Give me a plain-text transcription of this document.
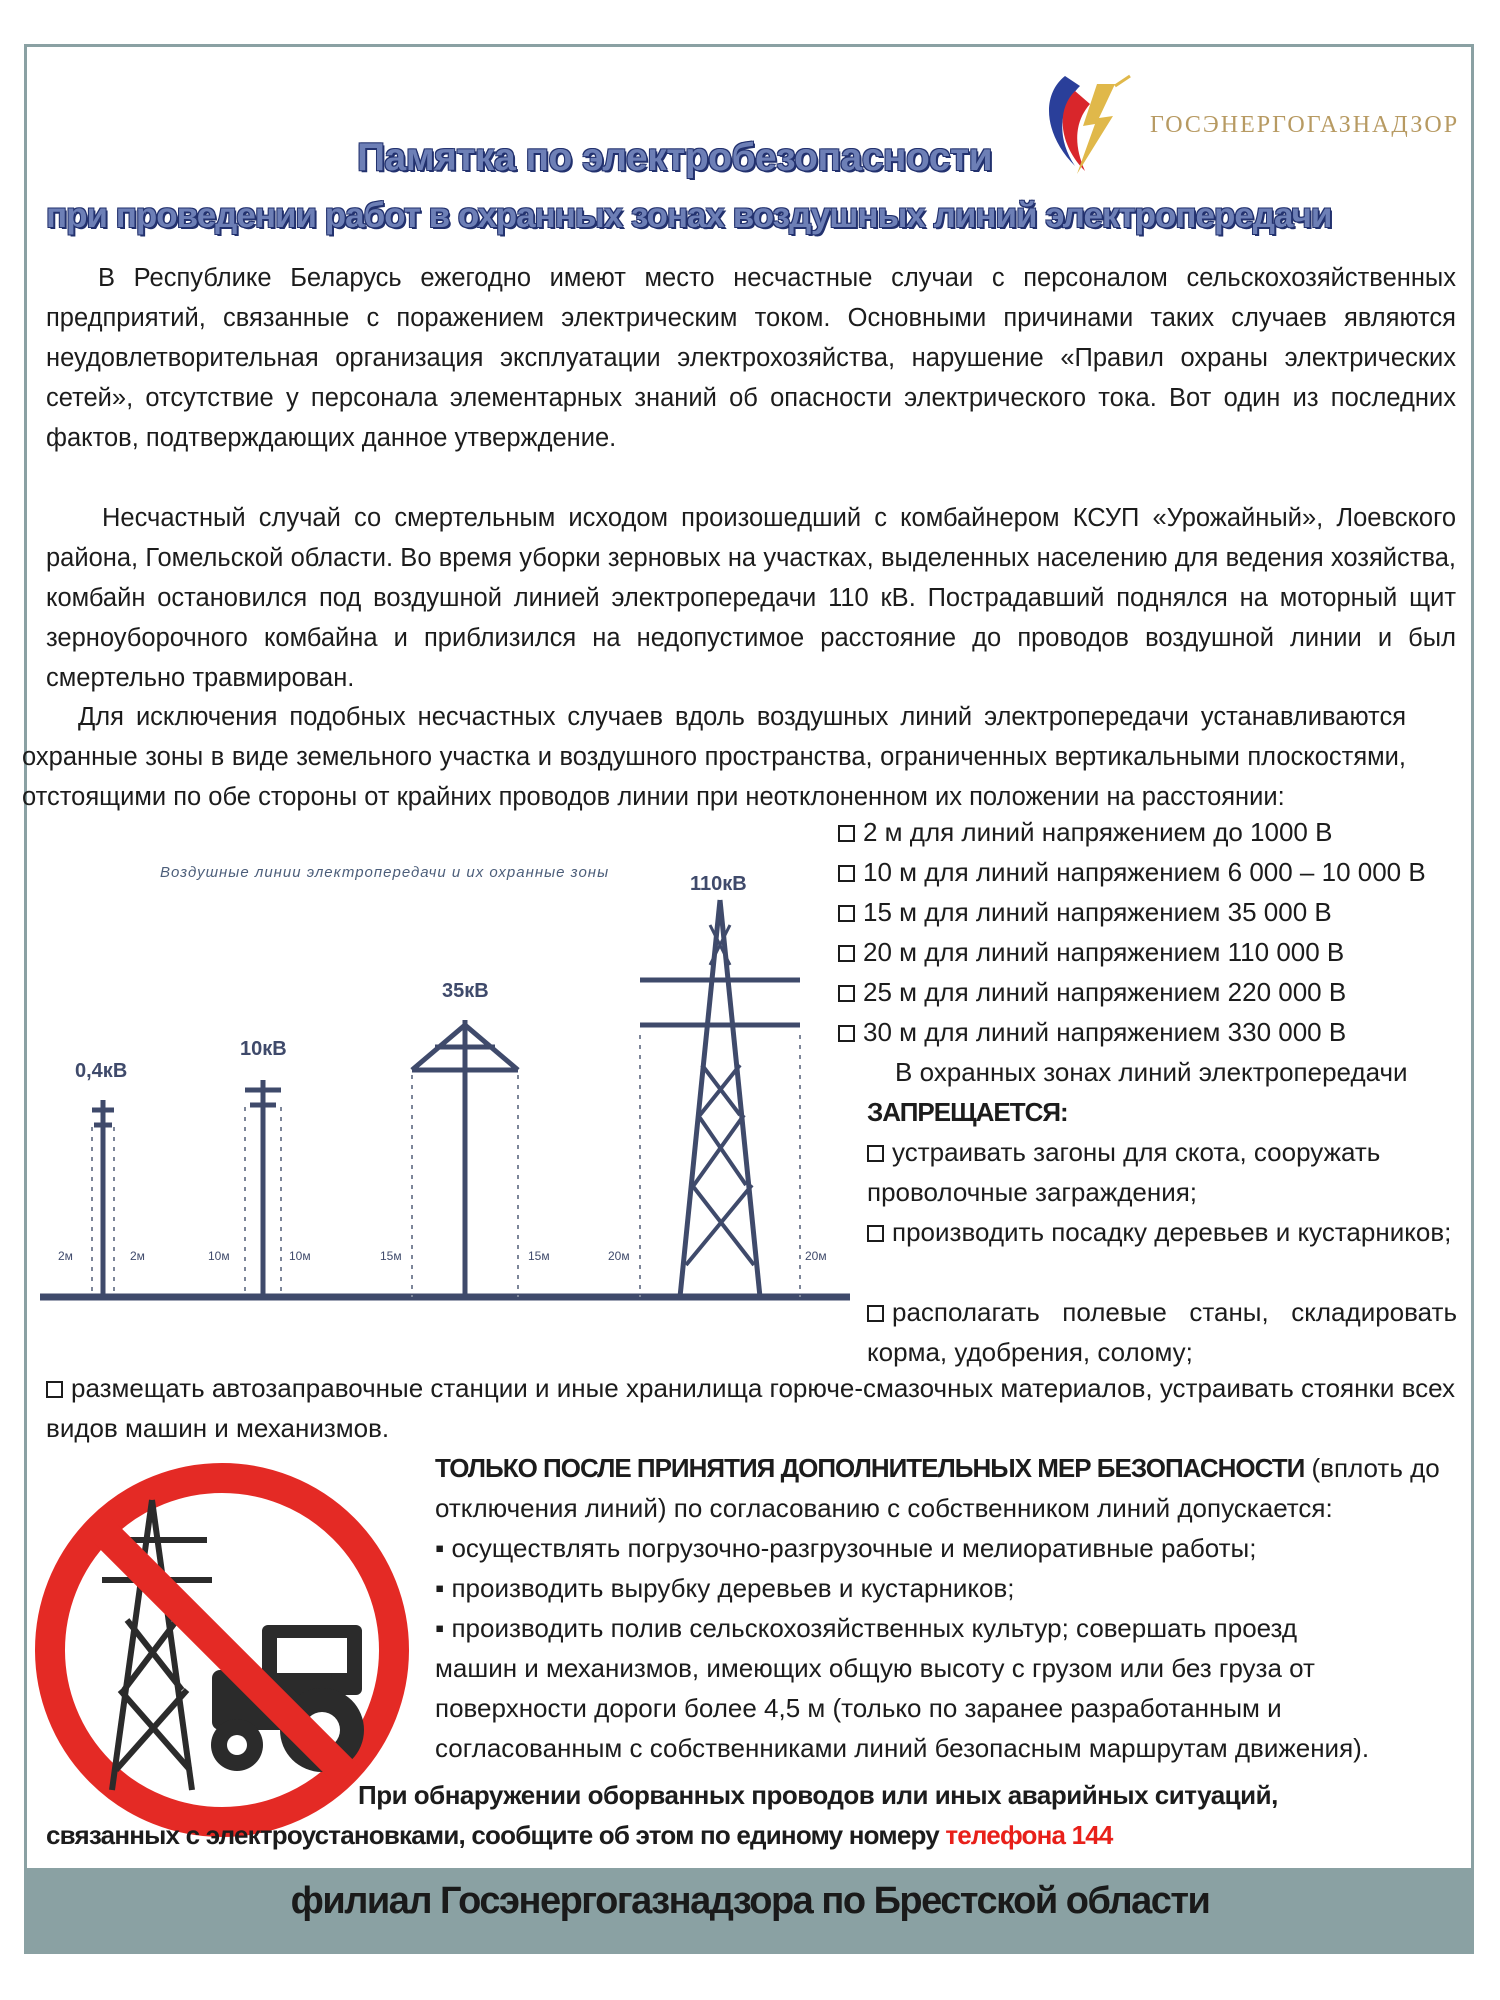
ГОСЭНЕРГОГАЗНАДЗОР
Памятка по электробезопасности
при проведении работ в охранных зонах воздушных линий электропередачи
В Республике Беларусь ежегодно имеют место несчастные случаи с персоналом сельскохозяйственных предприятий, связанные с поражением электрическим током. Основными причинами таких случаев являются неудовлетворительная организация эксплуатации электрохозяйства, нарушение «Правил охраны электрических сетей», отсутствие у персонала элементарных знаний об опасности электрического тока. Вот один из последних фактов, подтверждающих данное утверждение.
Несчастный случай со смертельным исходом произошедший с комбайнером КСУП «Урожайный», Лоевского района, Гомельской области. Во время уборки зерновых на участках, выделенных населению для ведения хозяйства, комбайн остановился под воздушной линией электропередачи 110 кВ. Пострадавший поднялся на моторный щит зерноуборочного комбайна и приблизился на недопустимое расстояние до проводов воздушной линии и был смертельно травмирован.
Для исключения подобных несчастных случаев вдоль воздушных линий электропередачи устанавливаются охранные зоны в виде земельного участка и воздушного пространства, ограниченных вертикальными плоскостями, отстоящими по обе стороны от крайних проводов линии при неотклоненном их положении на расстоянии:
2 м для линий напряжением до 1000 В
10 м для линий напряжением 6 000 – 10 000 В
15 м для линий напряжением 35 000 В
20 м для линий напряжением 110 000 В
25 м для линий напряжением 220 000 В
30 м для линий напряжением 330 000 В
Воздушные линии электропередачи и их охранные зоны
0,4кВ
10кВ
35кВ
110кВ
2м	2м	10м	10м	15м	15м	20м	20м
В охранных зонах линий электропередачи
ЗАПРЕЩАЕТСЯ:
устраивать загоны для скота, сооружать проволочные заграждения;
производить посадку деревьев и кустарников;
располагать полевые станы, складировать корма, удобрения, солому;
размещать автозаправочные станции и иные хранилища горюче-смазочных материалов, устраивать стоянки всех видов машин и механизмов.
ТОЛЬКО ПОСЛЕ ПРИНЯТИЯ ДОПОЛНИТЕЛЬНЫХ МЕР БЕЗОПАСНОСТИ (вплоть до
отключения линий) по согласованию с собственником линий допускается:
▪ осуществлять погрузочно-разгрузочные и мелиоративные работы;
▪ производить вырубку деревьев и кустарников;
▪ производить полив сельскохозяйственных культур; совершать проезд
машин и механизмов, имеющих общую высоту с грузом или без груза от
поверхности дороги более 4,5 м (только по заранее разработанным и
согласованным с собственниками линий безопасным маршрутам движения).
При обнаружении оборванных проводов или иных аварийных ситуаций,
связанных с электроустановками, сообщите об этом по единому номеру телефона 144
филиал Госэнергогазнадзора по Брестской области
